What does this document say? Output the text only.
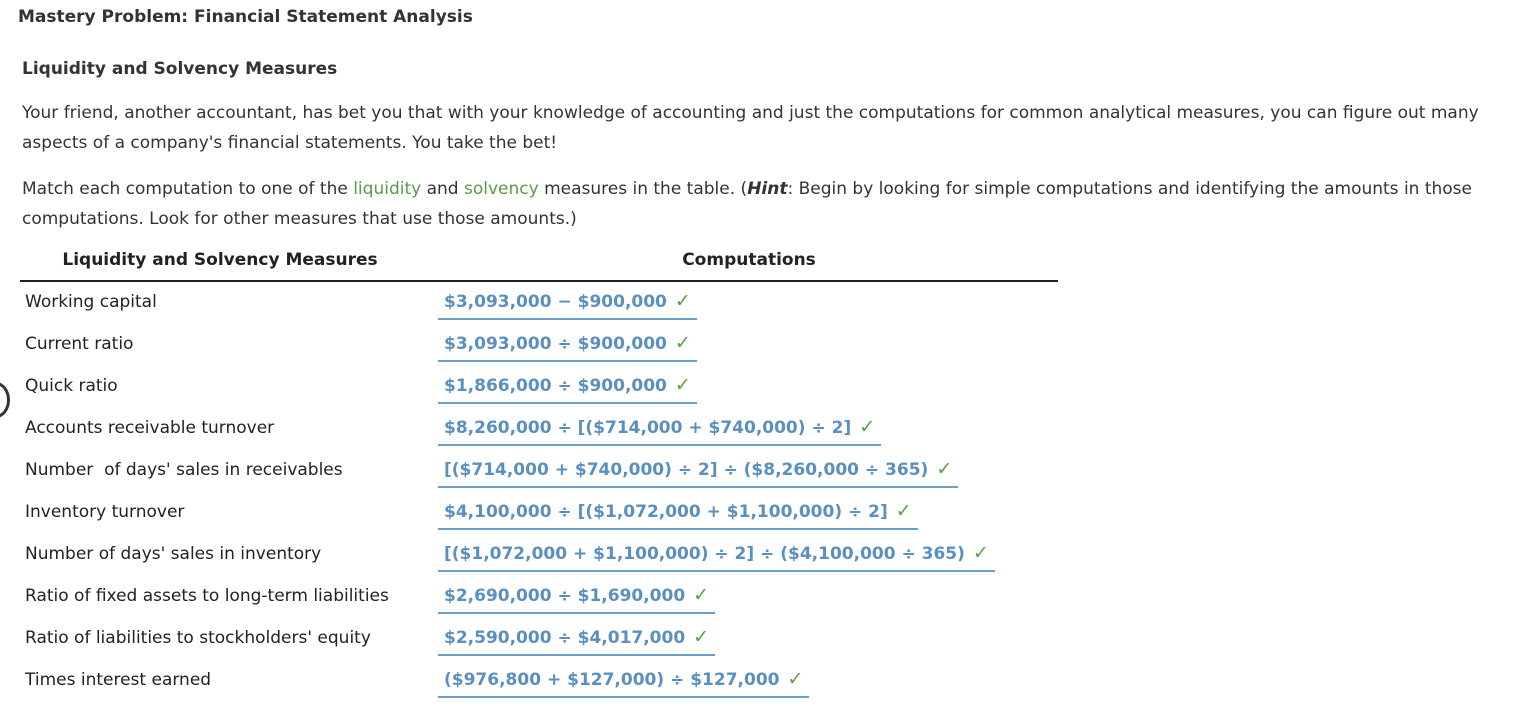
Mastery Problem: Financial Statement Analysis
Liquidity and Solvency Measures
Your friend, another accountant, has bet you that with your knowledge of accounting and just the computations for common analytical measures, you can figure out many aspects of a company's financial statements. You take the bet!
Match each computation to one of the liquidity and solvency measures in the table. (Hint: Begin by looking for simple computations and identifying the amounts in those computations. Look for other measures that use those amounts.)
Liquidity and Solvency Measures	Computations
Working capital	$3,093,000 − $900,000 ✓
Current ratio	$3,093,000 ÷ $900,000 ✓
Quick ratio	$1,866,000 ÷ $900,000 ✓
Accounts receivable turnover	$8,260,000 ÷ [($714,000 + $740,000) ÷ 2] ✓
Number  of days' sales in receivables	[($714,000 + $740,000) ÷ 2] ÷ ($8,260,000 ÷ 365) ✓
Inventory turnover	$4,100,000 ÷ [($1,072,000 + $1,100,000) ÷ 2] ✓
Number of days' sales in inventory	[($1,072,000 + $1,100,000) ÷ 2] ÷ ($4,100,000 ÷ 365) ✓
Ratio of fixed assets to long-term liabilities	$2,690,000 ÷ $1,690,000 ✓
Ratio of liabilities to stockholders' equity	$2,590,000 ÷ $4,017,000 ✓
Times interest earned	($976,800 + $127,000) ÷ $127,000 ✓
